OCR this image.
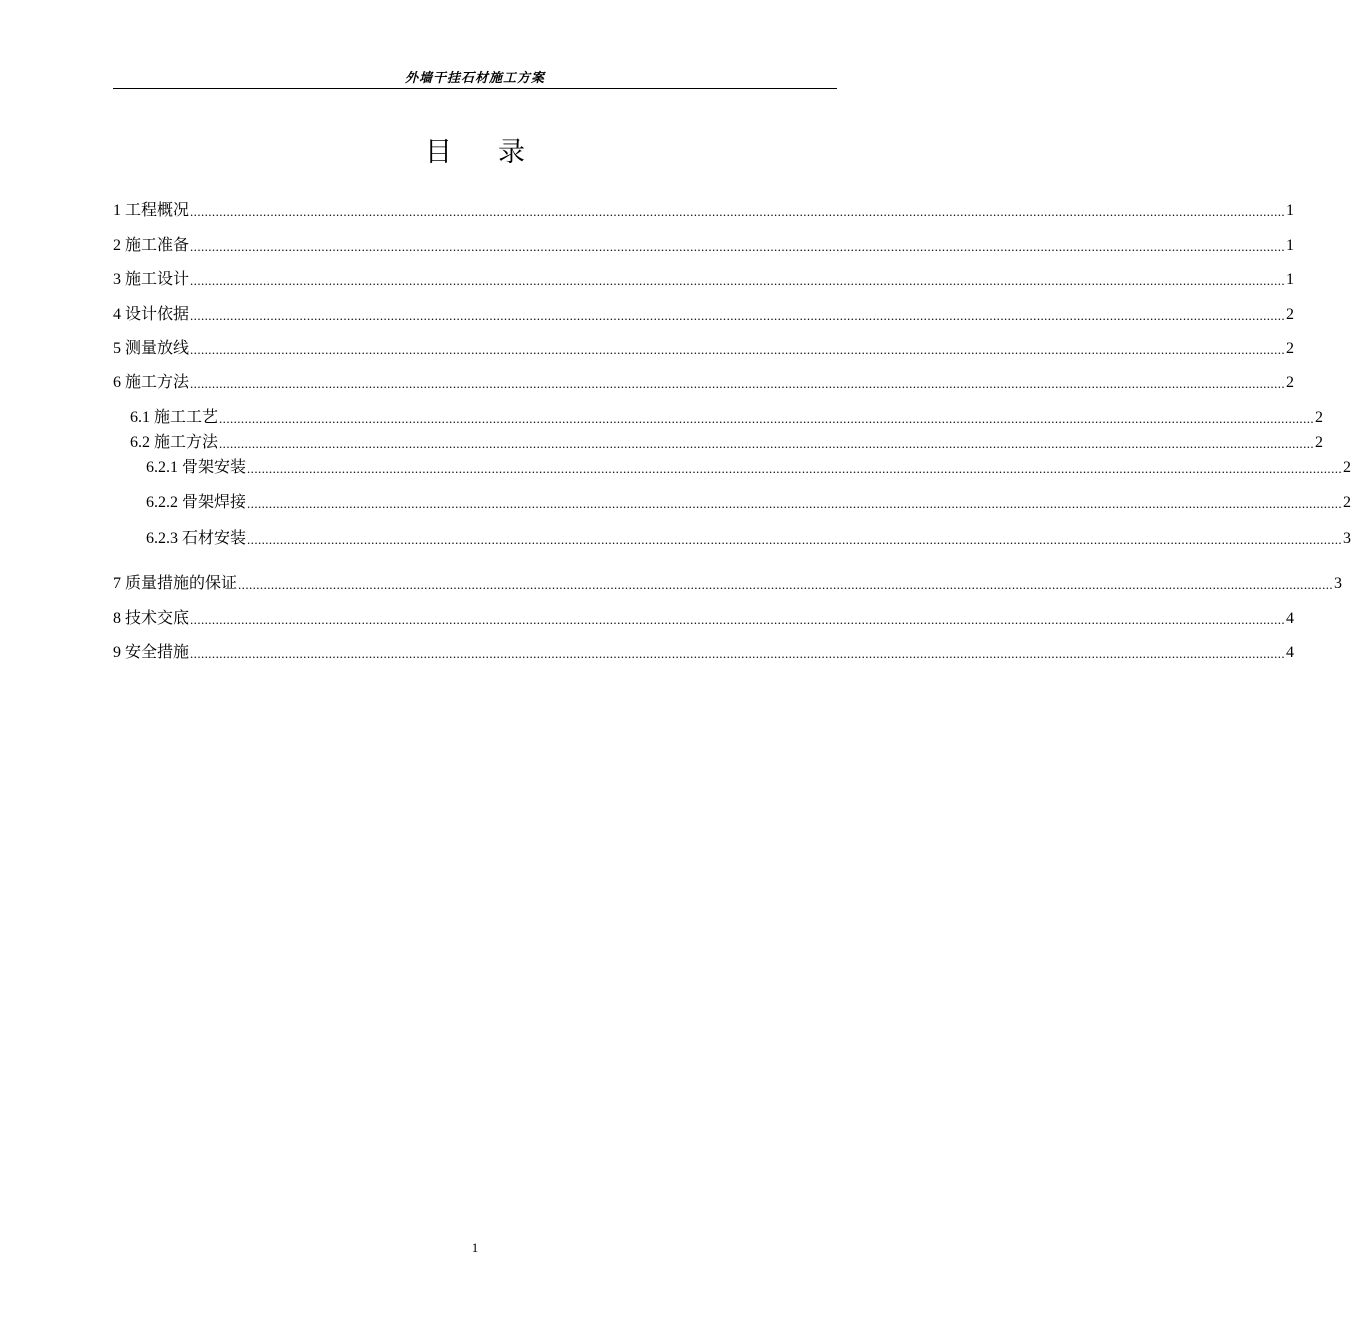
外墙干挂石材施工方案
目 录
1 工程概况 ............................................................................................................................................................................................................................................................................................................ 1
2 施工准备 ............................................................................................................................................................................................................................................................................................................ 1
3 施工设计 ............................................................................................................................................................................................................................................................................................................ 1
4 设计依据 ............................................................................................................................................................................................................................................................................................................ 2
5 测量放线 ............................................................................................................................................................................................................................................................................................................ 2
6 施工方法 ............................................................................................................................................................................................................................................................................................................ 2
6.1 施工工艺 ............................................................................................................................................................................................................................................................................................................ 2
6.2 施工方法 ............................................................................................................................................................................................................................................................................................................ 2
6.2.1 骨架安装 ............................................................................................................................................................................................................................................................................................................ 2
6.2.2 骨架焊接 ............................................................................................................................................................................................................................................................................................................ 2
6.2.3 石材安装 ............................................................................................................................................................................................................................................................................................................ 3
7 质量措施的保证 ............................................................................................................................................................................................................................................................................................................ 3
8 技术交底 ............................................................................................................................................................................................................................................................................................................ 4
9 安全措施 ............................................................................................................................................................................................................................................................................................................ 4
1
